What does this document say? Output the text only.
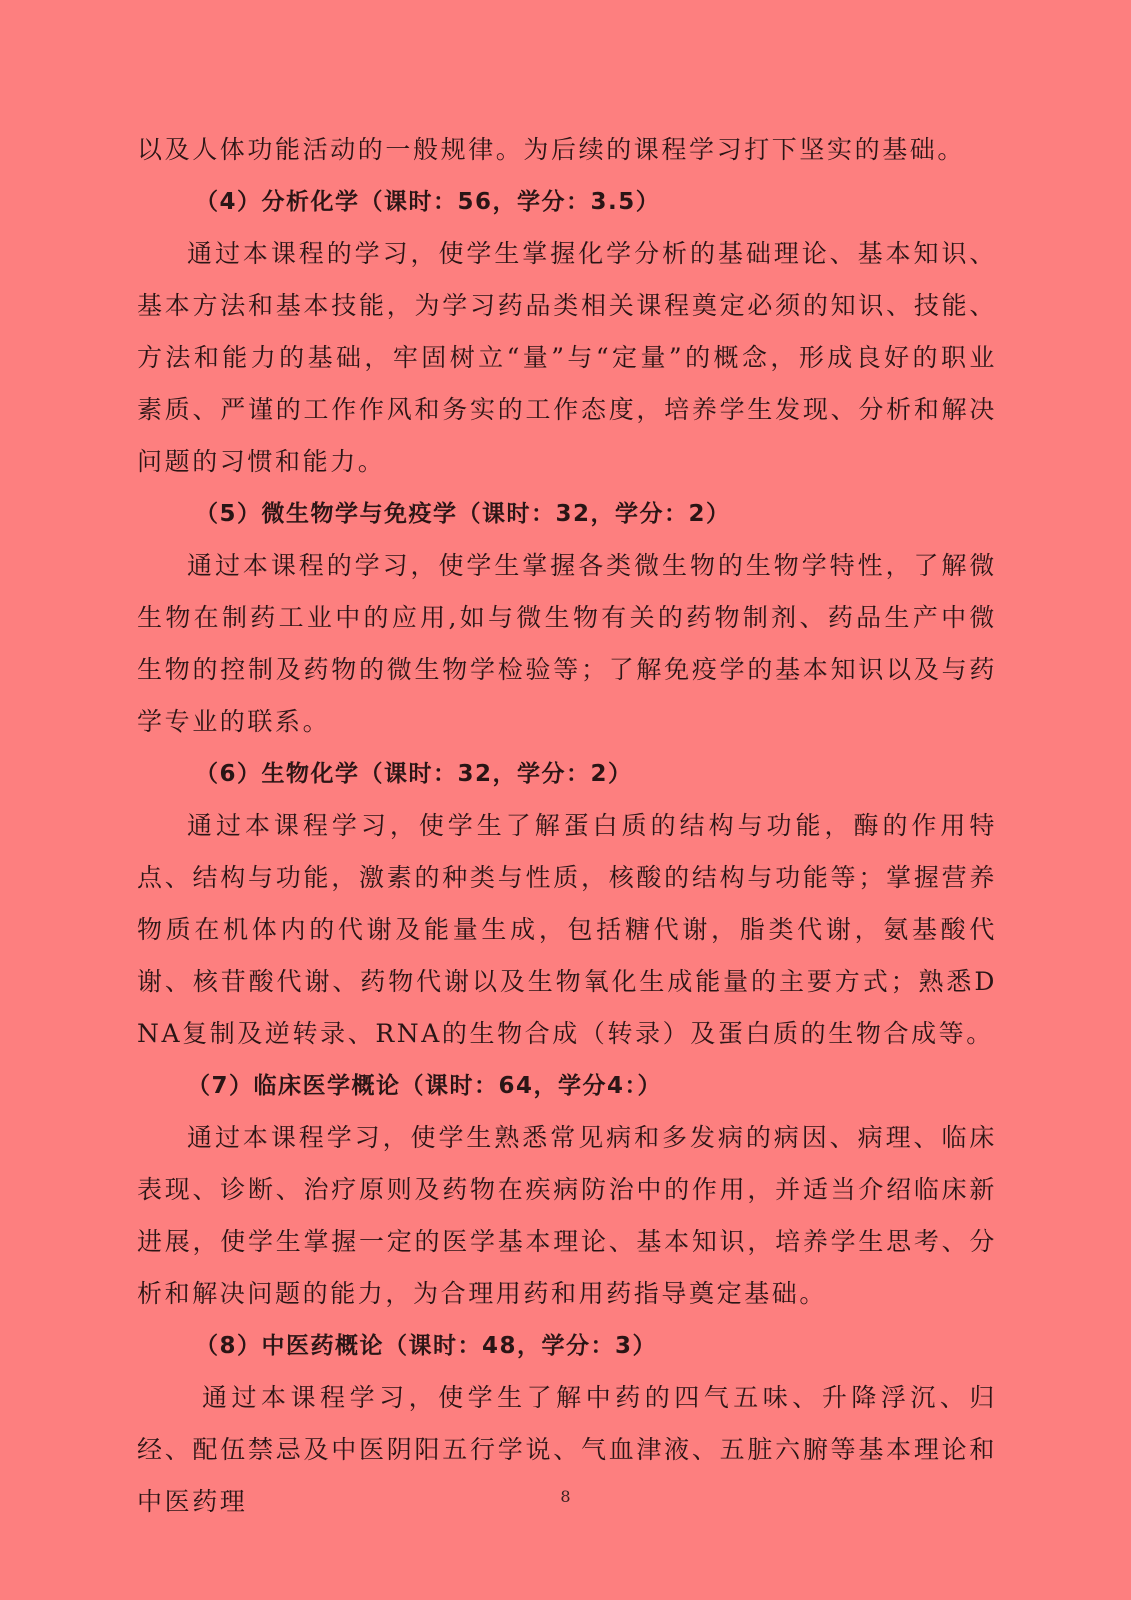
以及人体功能活动的一般规律。为后续的课程学习打下坚实的基础。

（4）分析化学（课时：56，学分：3.5）

通过本课程的学习，使学生掌握化学分析的基础理论、基本知识、基本方法和基本技能，为学习药品类相关课程奠定必须的知识、技能、方法和能力的基础，牢固树立“量”与“定量”的概念，形成良好的职业素质、严谨的工作作风和务实的工作态度，培养学生发现、分析和解决问题的习惯和能力。

（5）微生物学与免疫学（课时：32，学分：2）

通过本课程的学习，使学生掌握各类微生物的生物学特性，了解微生物在制药工业中的应用,如与微生物有关的药物制剂、药品生产中微生物的控制及药物的微生物学检验等；了解免疫学的基本知识以及与药学专业的联系。

（6）生物化学（课时：32，学分：2）

通过本课程学习，使学生了解蛋白质的结构与功能，酶的作用特点、结构与功能，激素的种类与性质，核酸的结构与功能等；掌握营养物质在机体内的代谢及能量生成，包括糖代谢，脂类代谢，氨基酸代谢、核苷酸代谢、药物代谢以及生物氧化生成能量的主要方式；熟悉DNA复制及逆转录、RNA的生物合成（转录）及蛋白质的生物合成等。

（7）临床医学概论（课时：64，学分4：）

通过本课程学习，使学生熟悉常见病和多发病的病因、病理、临床表现、诊断、治疗原则及药物在疾病防治中的作用，并适当介绍临床新进展，使学生掌握一定的医学基本理论、基本知识，培养学生思考、分析和解决问题的能力，为合理用药和用药指导奠定基础。

（8）中医药概论（课时：48，学分：3）

通过本课程学习，使学生了解中药的四气五味、升降浮沉、归经、配伍禁忌及中医阴阳五行学说、气血津液、五脏六腑等基本理论和中医药理	8
